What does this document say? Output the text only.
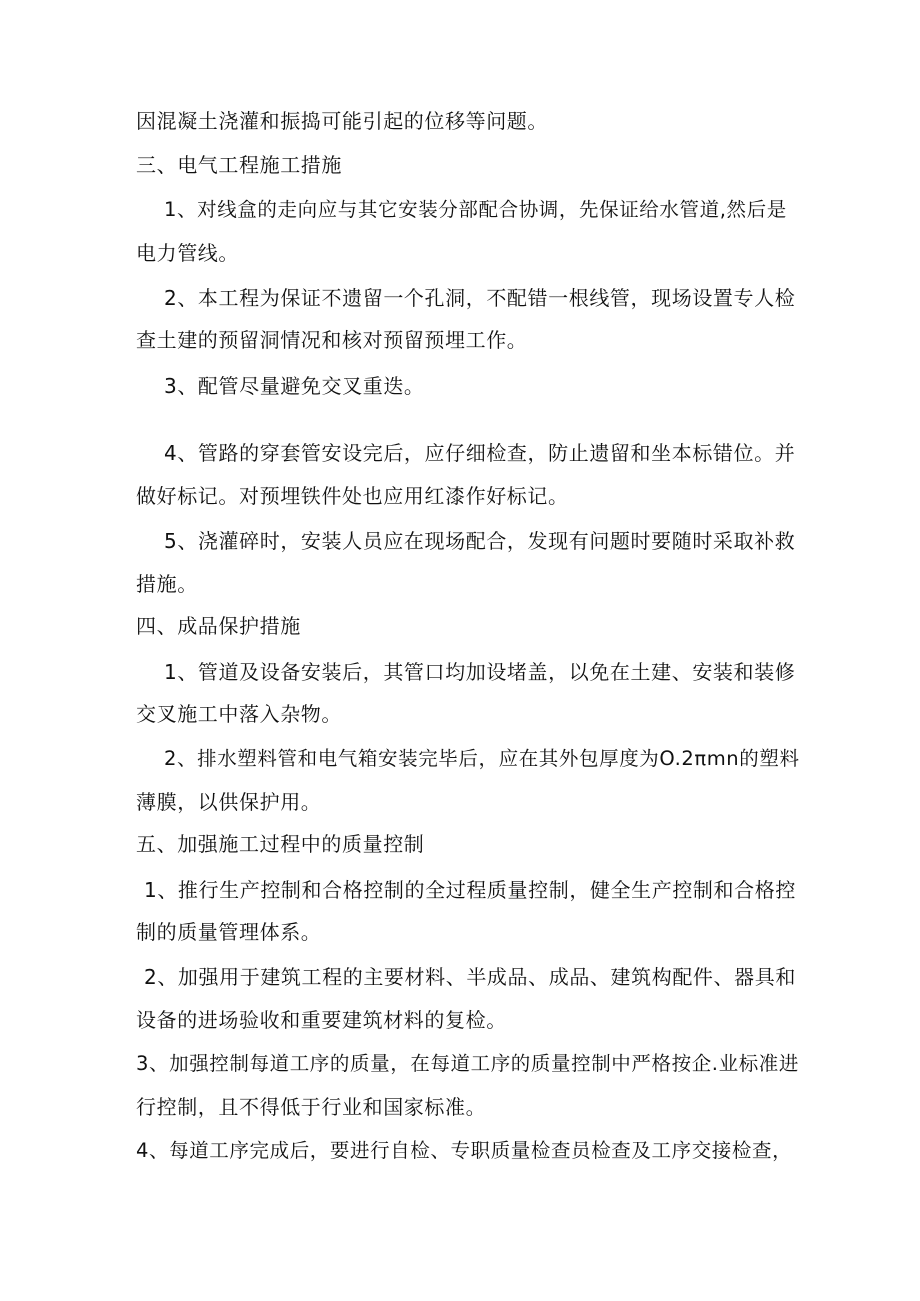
因混凝土浇灌和振捣可能引起的位移等问题。
三、电气工程施工措施
1、对线盒的走向应与其它安装分部配合协调，先保证给水管道,然后是
电力管线。
2、本工程为保证不遗留一个孔洞，不配错一根线管，现场设置专人检
查土建的预留洞情况和核对预留预埋工作。
3、配管尽量避免交叉重迭。
4、管路的穿套管安设完后，应仔细检查，防止遗留和坐本标错位。并
做好标记。对预埋铁件处也应用红漆作好标记。
5、浇灌碎时，安装人员应在现场配合，发现有问题时要随时采取补救
措施。
四、成品保护措施
1、管道及设备安装后，其管口均加设堵盖，以免在土建、安装和装修
交叉施工中落入杂物。
2、排水塑料管和电气箱安装完毕后，应在其外包厚度为O.2πmn的塑料
薄膜，以供保护用。
五、加强施工过程中的质量控制
1、推行生产控制和合格控制的全过程质量控制，健全生产控制和合格控
制的质量管理体系。
2、加强用于建筑工程的主要材料、半成品、成品、建筑构配件、器具和
设备的进场验收和重要建筑材料的复检。
3、加强控制每道工序的质量，在每道工序的质量控制中严格按企.业标准进
行控制，且不得低于行业和国家标准。
4、每道工序完成后，要进行自检、专职质量检查员检查及工序交接检查，
